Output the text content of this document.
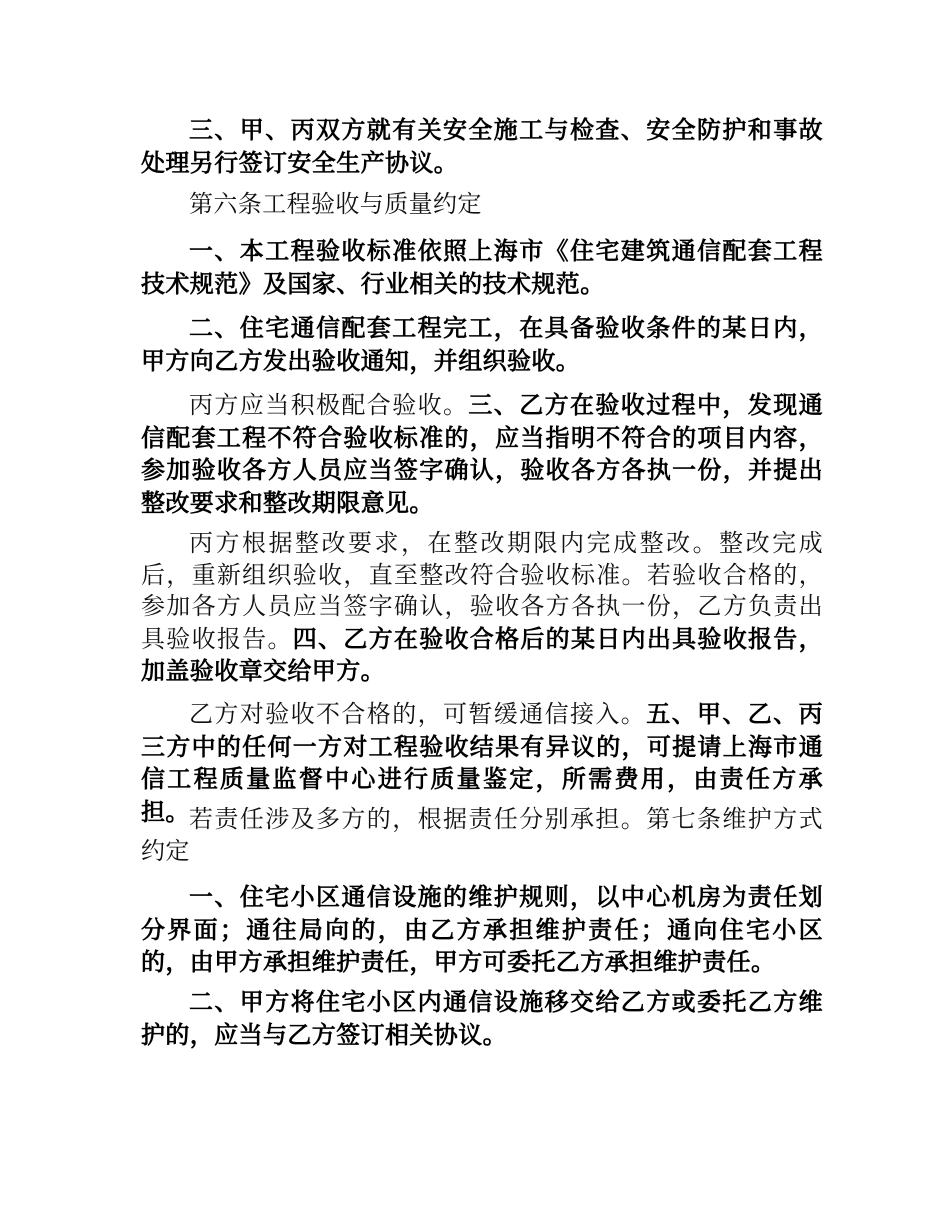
三、甲、丙双方就有关安全施工与检查、安全防护和事故处理另行签订安全生产协议。

第六条工程验收与质量约定

一、本工程验收标准依照上海市《住宅建筑通信配套工程技术规范》及国家、行业相关的技术规范。

二、住宅通信配套工程完工，在具备验收条件的某日内，甲方向乙方发出验收通知，并组织验收。

丙方应当积极配合验收。三、乙方在验收过程中，发现通信配套工程不符合验收标准的，应当指明不符合的项目内容，参加验收各方人员应当签字确认，验收各方各执一份，并提出整改要求和整改期限意见。

丙方根据整改要求，在整改期限内完成整改。整改完成后，重新组织验收，直至整改符合验收标准。若验收合格的，参加各方人员应当签字确认，验收各方各执一份，乙方负责出具验收报告。四、乙方在验收合格后的某日内出具验收报告，加盖验收章交给甲方。

乙方对验收不合格的，可暂缓通信接入。五、甲、乙、丙三方中的任何一方对工程验收结果有异议的，可提请上海市通信工程质量监督中心进行质量鉴定，所需费用，由责任方承担。 若责任涉及多方的，根据责任分别承担。第七条维护方式约定

一、住宅小区通信设施的维护规则，以中心机房为责任划分界面；通往局向的，由乙方承担维护责任；通向住宅小区的，由甲方承担维护责任，甲方可委托乙方承担维护责任。

二、甲方将住宅小区内通信设施移交给乙方或委托乙方维护的，应当与乙方签订相关协议。
